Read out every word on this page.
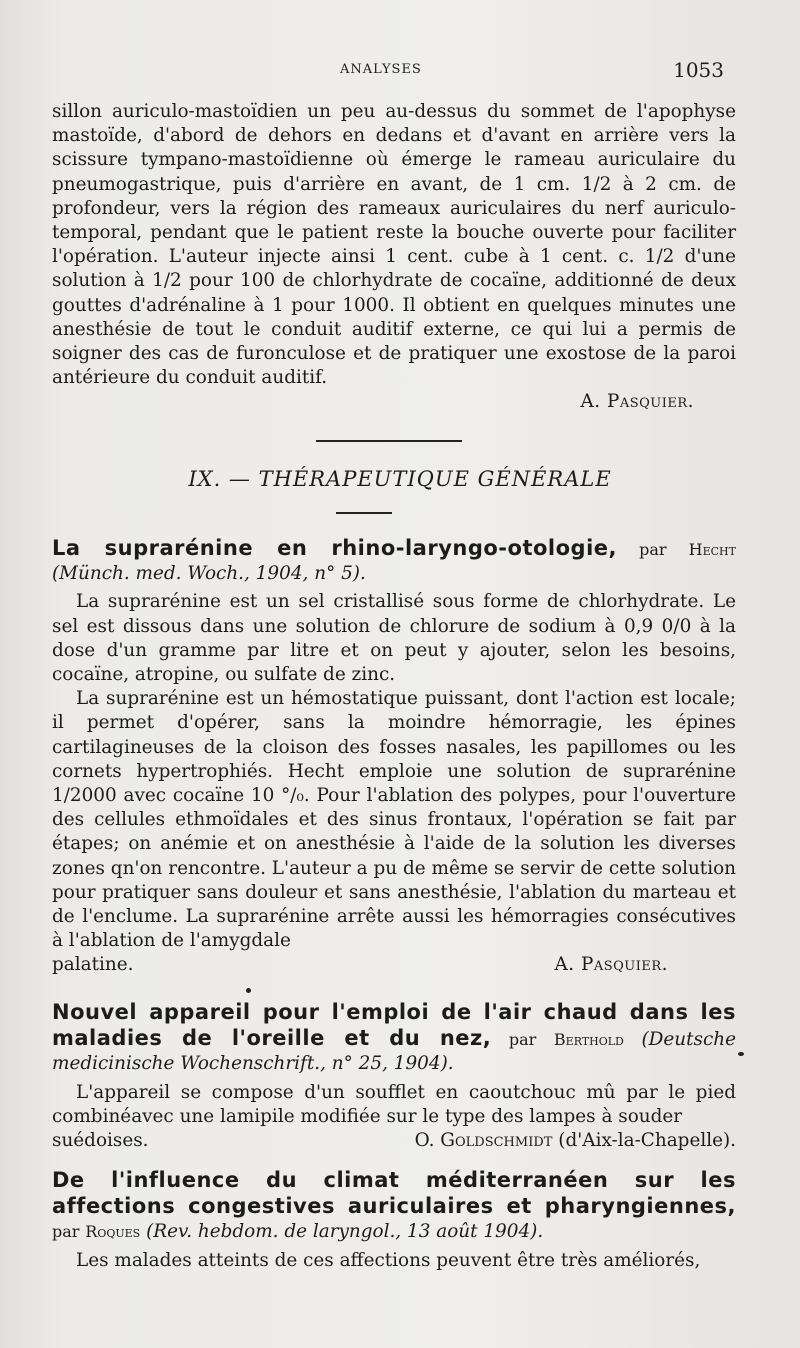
ANALYSES	1053

sillon auriculo-mastoïdien un peu au-dessus du sommet de l'apophyse mastoïde, d'abord de dehors en dedans et d'avant en arrière vers la scissure tympano-mastoïdienne où émerge le rameau auriculaire du pneumogastrique, puis d'arrière en avant, de 1 cm. 1/2 à 2 cm. de profondeur, vers la région des rameaux auriculaires du nerf auriculo-temporal, pendant que le patient reste la bouche ouverte pour faciliter l'opération. L'auteur injecte ainsi 1 cent. cube à 1 cent. c. 1/2 d'une solution à 1/2 pour 100 de chlorhydrate de cocaïne, additionné de deux gouttes d'adrénaline à 1 pour 1000. Il obtient en quelques minutes une anesthésie de tout le conduit auditif externe, ce qui lui a permis de soigner des cas de furonculose et de pratiquer une exostose de la paroi antérieure du conduit auditif.

A. Pasquier.

IX. — THÉRAPEUTIQUE GÉNÉRALE

La suprarénine en rhino-laryngo-otologie, par Hecht (Münch. med. Woch., 1904, n° 5).

La suprarénine est un sel cristallisé sous forme de chlorhydrate. Le sel est dissous dans une solution de chlorure de sodium à 0,9 0/0 à la dose d'un gramme par litre et on peut y ajouter, selon les besoins, cocaïne, atropine, ou sulfate de zinc.

La suprarénine est un hémostatique puissant, dont l'action est locale; il permet d'opérer, sans la moindre hémorragie, les épines cartilagineuses de la cloison des fosses nasales, les papillomes ou les cornets hypertrophiés. Hecht emploie une solution de suprarénine 1/2000 avec cocaïne 10 °/₀. Pour l'ablation des polypes, pour l'ouverture des cellules ethmoïdales et des sinus frontaux, l'opération se fait par étapes; on anémie et on anesthésie à l'aide de la solution les diverses zones qn'on rencontre. L'auteur a pu de même se servir de cette solution pour pratiquer sans douleur et sans anesthésie, l'ablation du marteau et de l'enclume. La suprarénine arrête aussi les hémorragies consécutives à l'ablation de l'amygdale

palatine.	A. Pasquier.

Nouvel appareil pour l'emploi de l'air chaud dans les maladies de l'oreille et du nez, par Berthold (Deutsche medicinische Wochenschrift., n° 25, 1904).

L'appareil se compose d'un soufflet en caoutchouc mû par le pied combinéavec une lamipile modifiée sur le type des lampes à souder

suédoises.	O. Goldschmidt (d'Aix-la-Chapelle).

De l'influence du climat méditerranéen sur les affections congestives auriculaires et pharyngiennes, par Roques (Rev. hebdom. de laryngol., 13 août 1904).

Les malades atteints de ces affections peuvent être très améliorés,
